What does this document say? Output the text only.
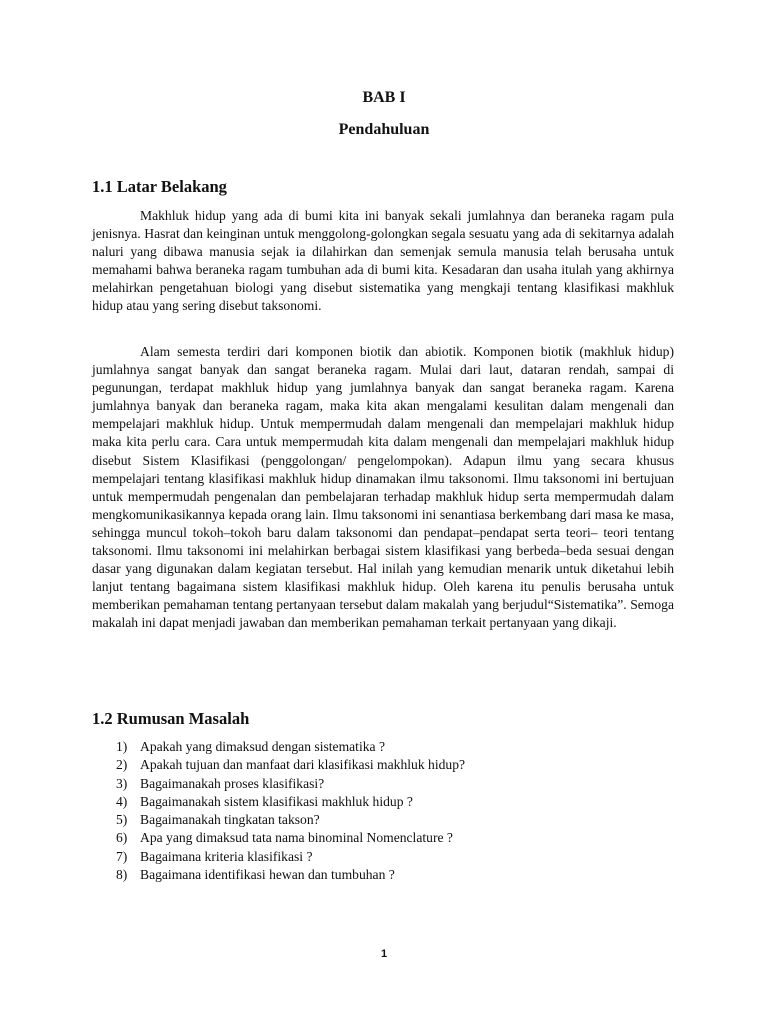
BAB I
Pendahuluan
1.1 Latar Belakang

Makhluk hidup yang ada di bumi kita ini banyak sekali jumlahnya dan beraneka ragam pula jenisnya. Hasrat dan keinginan untuk menggolong-golongkan segala sesuatu yang ada di sekitarnya adalah naluri yang dibawa manusia sejak ia dilahirkan dan semenjak semula manusia telah berusaha untuk memahami bahwa beraneka ragam tumbuhan ada di bumi kita. Kesadaran dan usaha itulah yang akhirnya melahirkan pengetahuan biologi yang disebut sistematika yang mengkaji tentang klasifikasi makhluk hidup atau yang sering disebut taksonomi.

Alam semesta terdiri dari komponen biotik dan abiotik. Komponen biotik (makhluk hidup) jumlahnya sangat banyak dan sangat beraneka ragam. Mulai dari laut, dataran rendah, sampai di pegunungan, terdapat makhluk hidup yang jumlahnya banyak dan sangat beraneka ragam. Karena jumlahnya banyak dan beraneka ragam, maka kita akan mengalami kesulitan dalam mengenali dan mempelajari makhluk hidup. Untuk mempermudah dalam mengenali dan mempelajari makhluk hidup maka kita perlu cara. Cara untuk mempermudah kita dalam mengenali dan mempelajari makhluk hidup disebut Sistem Klasifikasi (penggolongan/ pengelompokan). Adapun ilmu yang secara khusus mempelajari tentang klasifikasi makhluk hidup dinamakan ilmu taksonomi. Ilmu taksonomi ini bertujuan untuk mempermudah pengenalan dan pembelajaran terhadap makhluk hidup serta mempermudah dalam mengkomunikasikannya kepada orang lain. Ilmu taksonomi ini senantiasa berkembang dari masa ke masa, sehingga muncul tokoh–tokoh baru dalam taksonomi dan pendapat–pendapat serta teori– teori tentang taksonomi. Ilmu taksonomi ini melahirkan berbagai sistem klasifikasi yang berbeda–beda sesuai dengan dasar yang digunakan dalam kegiatan tersebut. Hal inilah yang kemudian menarik untuk diketahui lebih lanjut tentang bagaimana sistem klasifikasi makhluk hidup. Oleh karena itu penulis berusaha untuk memberikan pemahaman tentang pertanyaan tersebut dalam makalah yang berjudul“Sistematika”. Semoga makalah ini dapat menjadi jawaban dan memberikan pemahaman terkait pertanyaan yang dikaji.

1.2 Rumusan Masalah
1) Apakah yang dimaksud dengan sistematika ?
2) Apakah tujuan dan manfaat dari klasifikasi makhluk hidup?
3) Bagaimanakah proses klasifikasi?
4) Bagaimanakah sistem klasifikasi makhluk hidup ?
5) Bagaimanakah tingkatan takson?
6) Apa yang dimaksud tata nama binominal Nomenclature ?
7) Bagaimana kriteria klasifikasi ?
8) Bagaimana identifikasi hewan dan tumbuhan ?
1
